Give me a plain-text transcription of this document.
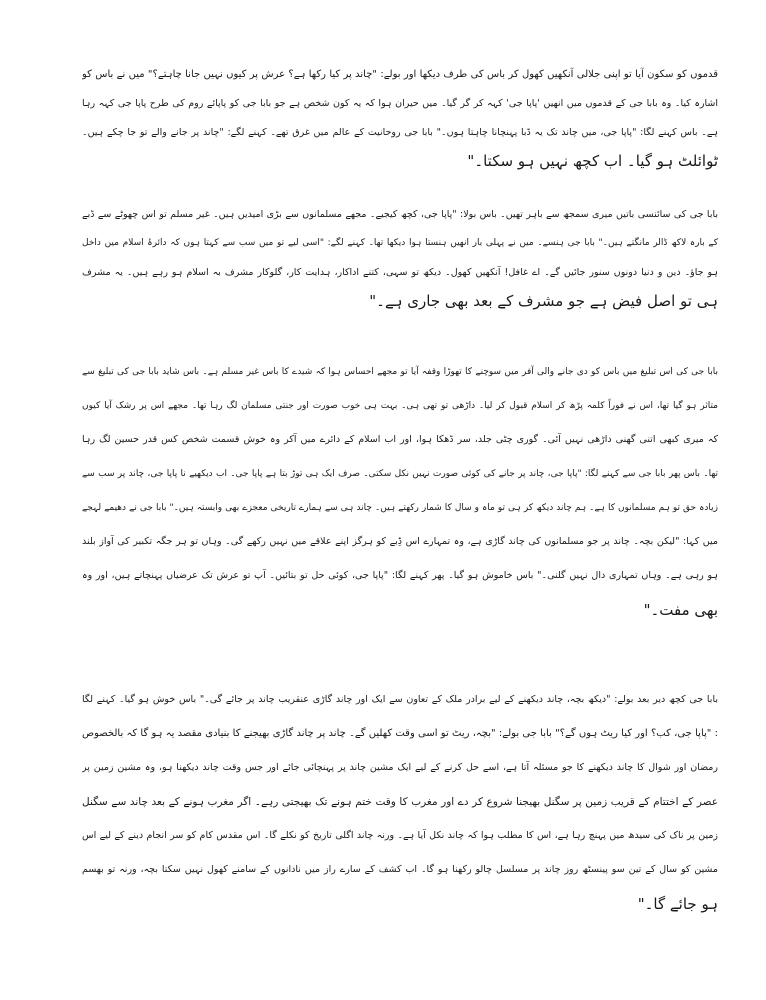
قدموں کو سکون آیا تو اپنی جلالی آنکھیں کھول کر باس کی طرف دیکھا اور بولے: "چاند پر کیا رکھا ہے؟ عرش پر کیوں نہیں جانا چاہتے؟" میں نے باس کو
اشارہ کیا۔ وہ بابا جی کے قدموں میں انھیں 'پاپا جی' کہہ کر گر گیا۔ میں حیران ہوا کہ یہ کون شخص ہے جو بابا جی کو پاپائے روم کی طرح پاپا جی کہہ رہا
ہے۔ باس کہنے لگا: "پاپا جی، میں چاند تک یہ ڈبا پہنچانا چاہتا ہوں۔" بابا جی روحانیت کے عالم میں غرق تھے۔ کہنے لگے: "چاند پر جانے والے تو جا چکے ہیں۔
ٹوائلٹ ہو گیا۔ اب کچھ نہیں ہو سکتا۔"
بابا جی کی سائنسی باتیں میری سمجھ سے باہر تھیں۔ باس بولا: "پاپا جی، کچھ کیجیے۔ مجھے مسلمانوں سے بڑی امیدیں ہیں۔ غیر مسلم تو اس چھوٹے سے ڈبے
کے بارہ لاکھ ڈالر مانگتے ہیں۔" بابا جی ہنسے۔ میں نے پہلی بار انھیں ہنستا ہوا دیکھا تھا۔ کہنے لگے: "اسی لیے تو میں سب سے کہتا ہوں کہ دائرۂ اسلام میں داخل
ہو جاؤ۔ دین و دنیا دونوں سنور جائیں گے۔ اے غافل! آنکھیں کھول۔ دیکھ تو سہی، کتنے اداکار، ہدایت کار، گلوکار مشرف بہ اسلام ہو رہے ہیں۔ یہ مشرف
ہی تو اصل فیض ہے جو مشرف کے بعد بھی جاری ہے۔"
بابا جی کی اس تبلیغ میں باس کو دی جانے والی آفر میں سوچنے کا تھوڑا وقفہ آیا تو مجھے احساس ہوا کہ شیدے کا باس غیر مسلم ہے۔ باس شاید بابا جی کی تبلیغ سے
متاثر ہو گیا تھا، اس نے فوراً کلمہ پڑھ کر اسلام قبول کر لیا۔ داڑھی تو تھی ہی۔ بہت ہی خوب صورت اور جنتی مسلمان لگ رہا تھا۔ مجھے اس پر رشک آیا کیوں
کہ میری کبھی اتنی گھنی داڑھی نہیں آئی۔ گوری چٹی جلد، سر ڈھکا ہوا، اور اب اسلام کے دائرے میں آکر وہ خوش قسمت شخص کس قدر حسین لگ رہا
تھا۔ باس پھر بابا جی سے کہنے لگا: "پاپا جی، چاند پر جانے کی کوئی صورت نہیں نکل سکتی۔ صرف ایک ہی توڑ بتا ہے پاپا جی۔ اب دیکھیے نا پاپا جی، چاند پر سب سے
زیادہ حق تو ہم مسلمانوں کا ہے۔ ہم چاند دیکھ کر ہی تو ماہ و سال کا شمار رکھتے ہیں۔ چاند ہی سے ہمارے تاریخی معجزے بھی وابستہ ہیں۔" بابا جی نے دھیمے لہجے
میں کہا: "لیکن بچہ۔ چاند پر جو مسلمانوں کی چاند گاڑی ہے، وہ تمہارے اس ڈِبے کو ہرگز اپنے علاقے میں نہیں رکھے گی۔ وہاں تو ہر جگہ تکبیر کی آواز بلند
ہو رہی ہے۔ وہاں تمہاری دال نہیں گلنی۔" باس خاموش ہو گیا۔ پھر کہنے لگا: "پاپا جی، کوئی حل تو بتائیں۔ آپ تو عرش تک عرضیاں پہنچاتے ہیں، اور وہ
بھی مفت۔"
بابا جی کچھ دیر بعد بولے: "دیکھ بچہ، چاند دیکھنے کے لیے برادر ملک کے تعاون سے ایک اور چاند گاڑی عنقریب چاند پر جائے گی۔" باس خوش ہو گیا۔ کہنے لگا
: "پاپا جی، کب؟ اور کیا ریٹ ہوں گے؟" بابا جی بولے: "بچہ، ریٹ تو اسی وقت کھلیں گے۔ چاند پر چاند گاڑی بھیجنے کا بنیادی مقصد یہ ہو گا کہ بالخصوص
رمضان اور شوال کا چاند دیکھنے کا جو مسئلہ آتا ہے، اسے حل کرنے کے لیے ایک مشین چاند پر پہنچائی جائے اور جس وقت چاند دیکھنا ہو، وہ مشین زمین پر
عصر کے اختتام کے قریب زمین پر سگنل بھیجنا شروع کر دے اور مغرب کا وقت ختم ہونے تک بھیجتی رہے۔ اگر مغرب ہونے کے بعد چاند سے سگنل
زمین پر ناک کی سیدھ میں پہنچ رہا ہے، اس کا مطلب ہوا کہ چاند نکل آیا ہے۔ ورنہ چاند اگلی تاریخ کو نکلے گا۔ اس مقدس کام کو سر انجام دینے کے لیے اس
مشین کو سال کے تین سو پینسٹھ روز چاند پر مسلسل چالو رکھنا ہو گا۔ اب کشف کے سارے راز میں نادانوں کے سامنے کھول نہیں سکتا بچہ، ورنہ تو بھسم
ہو جائے گا۔"
